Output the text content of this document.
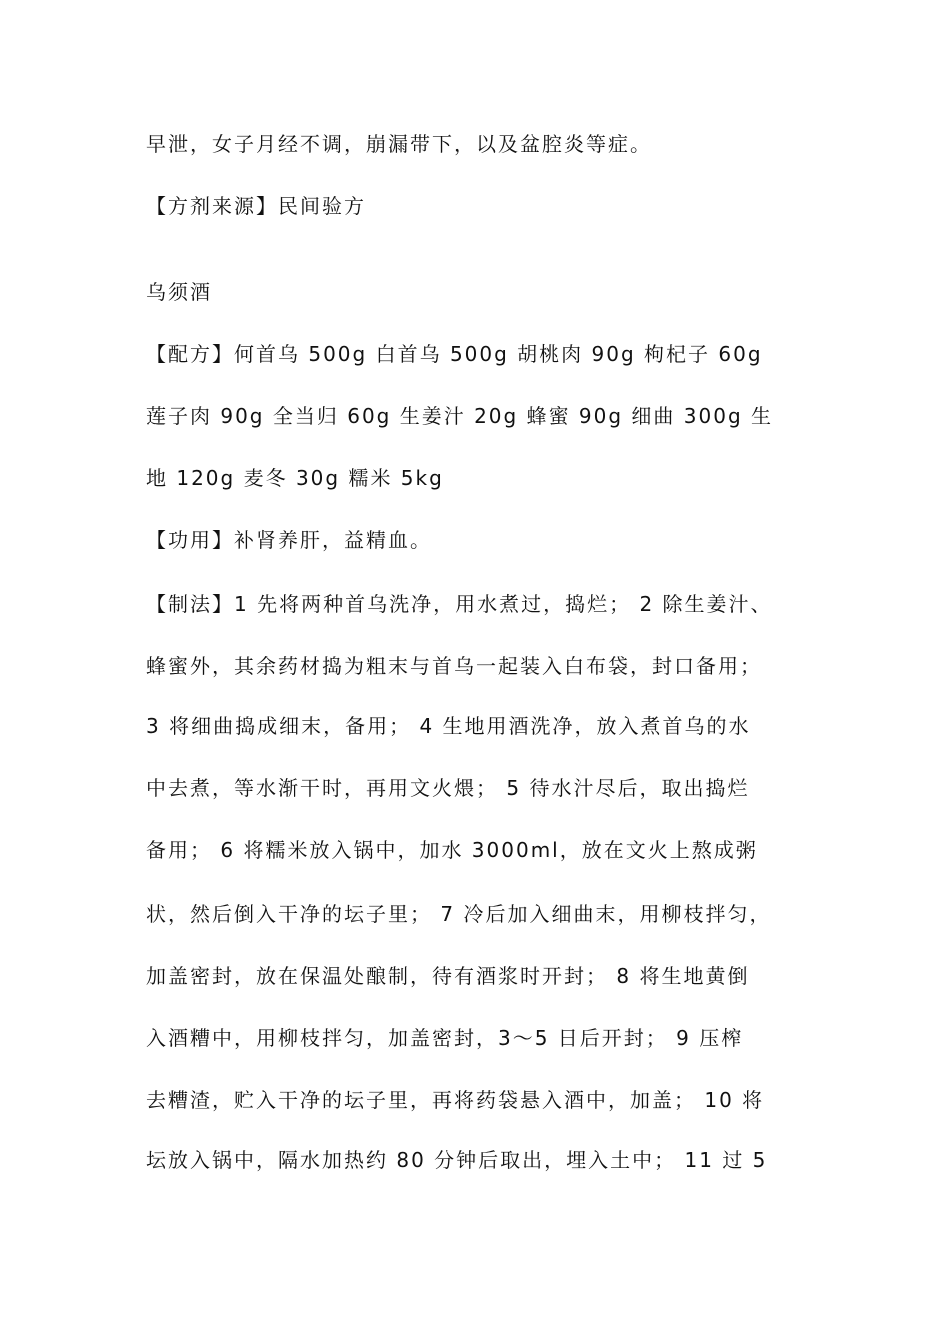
早泄，女子月经不调，崩漏带下，以及盆腔炎等症。
【方剂来源】民间验方
乌须酒
【配方】何首乌 500g 白首乌 500g 胡桃肉 90g 枸杞子 60g
莲子肉 90g 全当归 60g 生姜汁 20g 蜂蜜 90g 细曲 300g 生
地 120g 麦冬 30g 糯米 5kg
【功用】补肾养肝，益精血。
【制法】1 先将两种首乌洗净，用水煮过，捣烂； 2 除生姜汁、
蜂蜜外，其余药材捣为粗末与首乌一起装入白布袋，封口备用；
3 将细曲捣成细末，备用； 4 生地用酒洗净，放入煮首乌的水
中去煮，等水渐干时，再用文火煨； 5 待水汁尽后，取出捣烂
备用； 6 将糯米放入锅中，加水 3000ml，放在文火上熬成粥
状，然后倒入干净的坛子里； 7 冷后加入细曲末，用柳枝拌匀，
加盖密封，放在保温处酿制，待有酒浆时开封； 8 将生地黄倒
入酒糟中，用柳枝拌匀，加盖密封，3～5 日后开封； 9 压榨
去糟渣，贮入干净的坛子里，再将药袋悬入酒中，加盖； 10 将
坛放入锅中，隔水加热约 80 分钟后取出，埋入土中； 11 过 5
